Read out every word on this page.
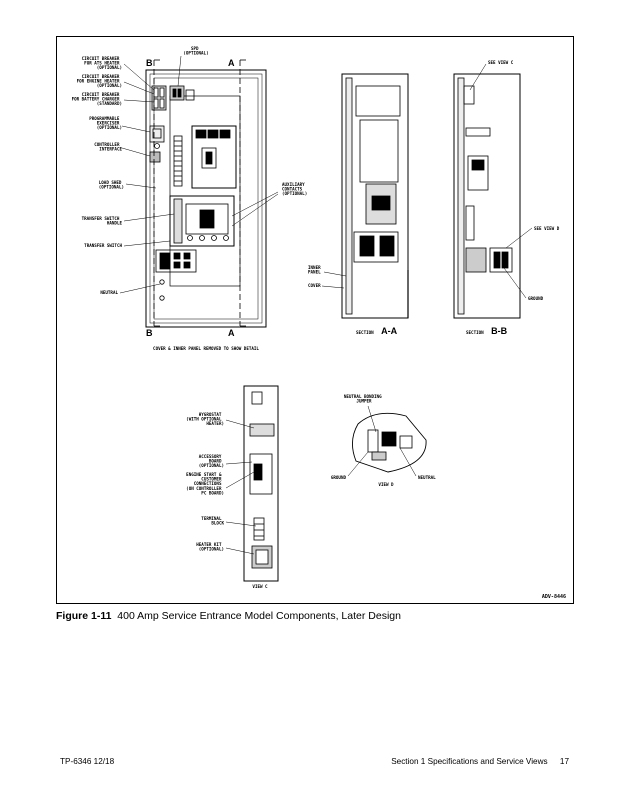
CIRCUIT BREAKER FOR ATS HEATER (OPTIONAL)
CIRCUIT BREAKER FOR ENGINE HEATER (OPTIONAL)
CIRCUIT BREAKER FOR BATTERY CHARGER (STANDARD)
PROGRAMMABLE EXERCISER (OPTIONAL)
CONTROLLER INTERFACE
LOAD SHED (OPTIONAL)
TRANSFER SWITCH HANDLE
TRANSFER SWITCH
NEUTRAL
SPD (OPTIONAL)
AUXILIARY CONTACTS (OPTIONAL)
B	A
B	A
COVER & INNER PANEL REMOVED TO SHOW DETAIL
INNER PANEL
COVER
SECTION A-A
SEE VIEW C
SEE VIEW D
GROUND
SECTION B-B
HYGROSTAT (WITH OPTIONAL HEATER)
ACCESSORY BOARD (OPTIONAL)
ENGINE START & CUSTOMER CONNECTIONS (ON CONTROLLER PC BOARD)
TERMINAL BLOCK
HEATER KIT (OPTIONAL)
VIEW C
NEUTRAL BONDING JUMPER
GROUND	NEUTRAL
VIEW D
ADV-8446
Figure 1-11 400 Amp Service Entrance Model Components, Later Design
TP-6346 12/18	Section 1 Specifications and Service Views 17
